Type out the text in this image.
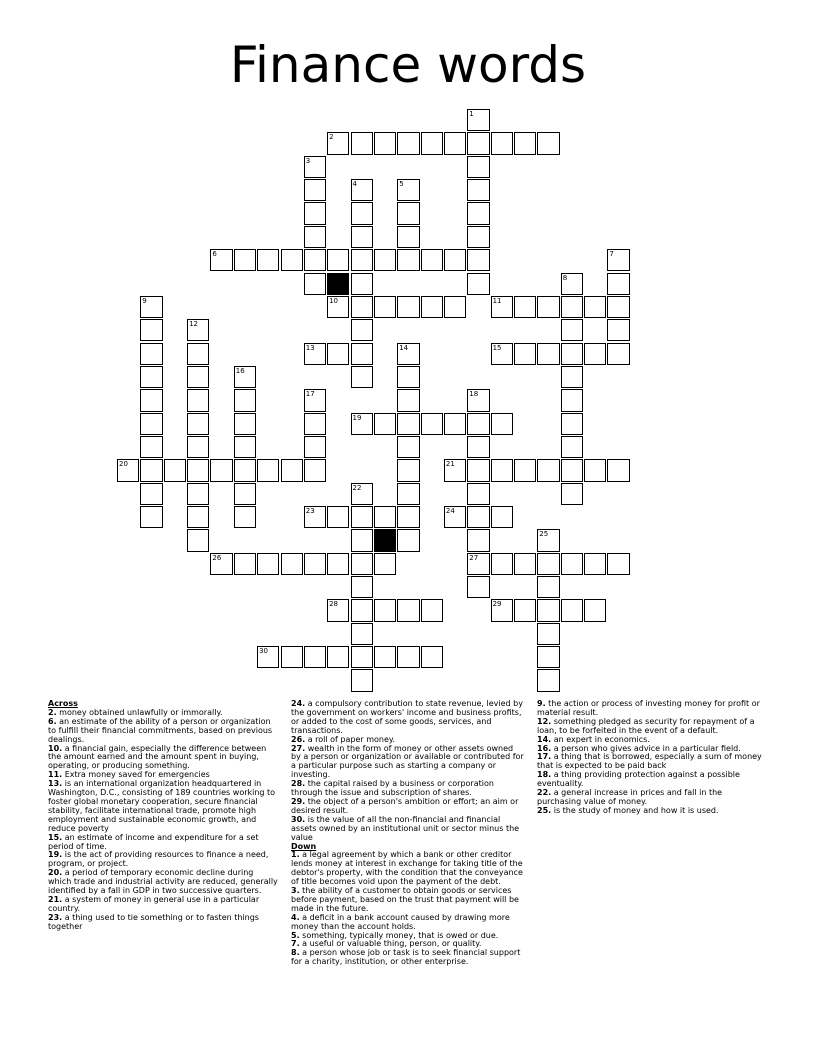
Finance words
1
2
3
4	5
6	7
8
9	10	11
12
13	14	15
16
17	18
19
20	21
22
23	24
25
26	27
28	29
30
Across
2. money obtained unlawfully or immorally.
6. an estimate of the ability of a person or organization to fulfill their financial commitments, based on previous dealings.
10. a financial gain, especially the difference between the amount earned and the amount spent in buying, operating, or producing something.
11. Extra money saved for emergencies
13. is an international organization headquartered in Washington, D.C., consisting of 189 countries working to foster global monetary cooperation, secure financial stability, facilitate international trade, promote high employment and sustainable economic growth, and reduce poverty
15. an estimate of income and expenditure for a set period of time.
19. is the act of providing resources to finance a need, program, or project.
20. a period of temporary economic decline during which trade and industrial activity are reduced, generally identified by a fall in GDP in two successive quarters.
21. a system of money in general use in a particular country.
23. a thing used to tie something or to fasten things together
24. a compulsory contribution to state revenue, levied by the government on workers' income and business profits, or added to the cost of some goods, services, and transactions.
26. a roll of paper money.
27. wealth in the form of money or other assets owned by a person or organization or available or contributed for a particular purpose such as starting a company or investing.
28. the capital raised by a business or corporation through the issue and subscription of shares.
29. the object of a person's ambition or effort; an aim or desired result.
30. is the value of all the non-financial and financial assets owned by an institutional unit or sector minus the value
Down
1. a legal agreement by which a bank or other creditor lends money at interest in exchange for taking title of the debtor's property, with the condition that the conveyance of title becomes void upon the payment of the debt.
3. the ability of a customer to obtain goods or services before payment, based on the trust that payment will be made in the future.
4. a deficit in a bank account caused by drawing more money than the account holds.
5. something, typically money, that is owed or due.
7. a useful or valuable thing, person, or quality.
8. a person whose job or task is to seek financial support for a charity, institution, or other enterprise.
9. the action or process of investing money for profit or material result.
12. something pledged as security for repayment of a loan, to be forfeited in the event of a default.
14. an expert in economics.
16. a person who gives advice in a particular field.
17. a thing that is borrowed, especially a sum of money that is expected to be paid back
18. a thing providing protection against a possible eventuality.
22. a general increase in prices and fall in the purchasing value of money.
25. is the study of money and how it is used.
